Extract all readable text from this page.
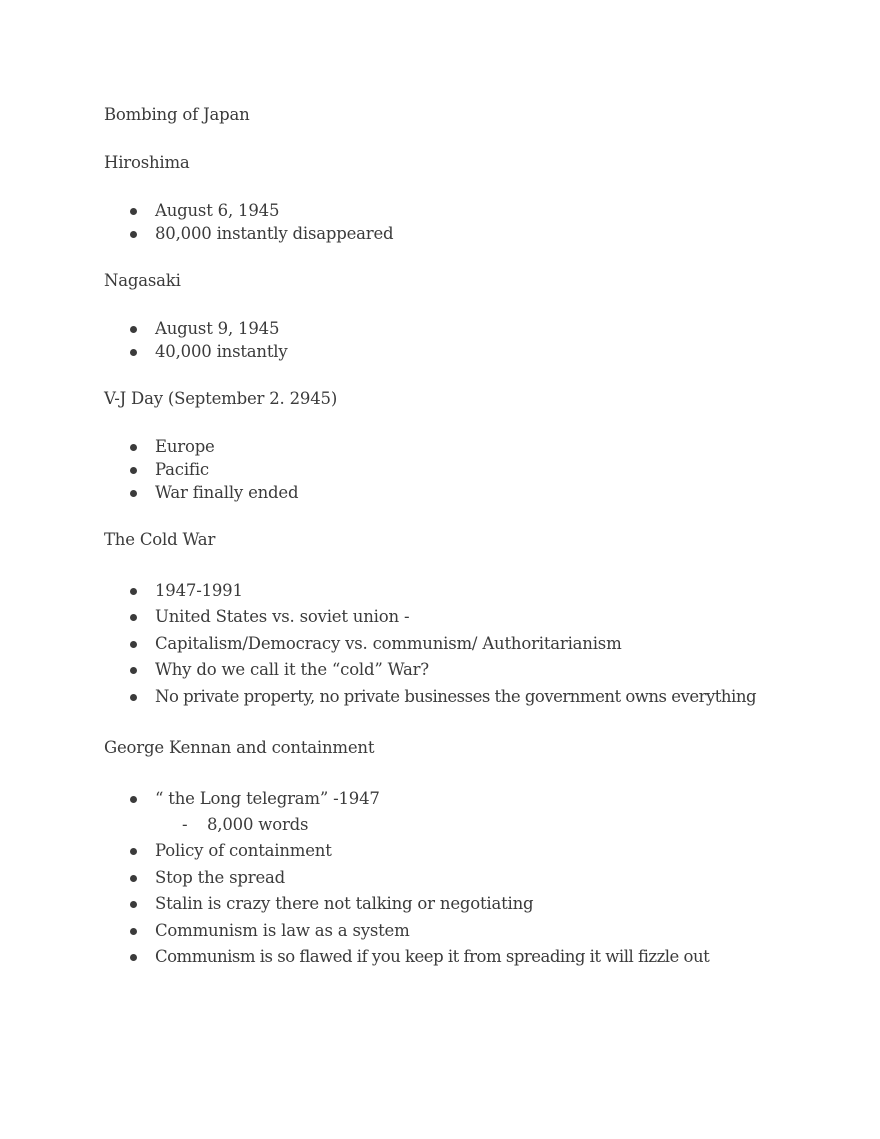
Bombing of Japan
Hiroshima
August 6, 1945
80,000 instantly disappeared
Nagasaki
August 9, 1945
40,000 instantly
V-J Day (September 2. 2945)
Europe
Pacific
War finally ended
The Cold War
1947-1991
United States vs. soviet union -
Capitalism/Democracy vs. communism/ Authoritarianism
Why do we call it the “cold” War?
No private property, no private businesses the government owns everything
George Kennan and containment
“ the Long telegram” -1947
- 8,000 words
Policy of containment
Stop the spread
Stalin is crazy there not talking or negotiating
Communism is law as a system
Communism is so flawed if you keep it from spreading it will fizzle out
